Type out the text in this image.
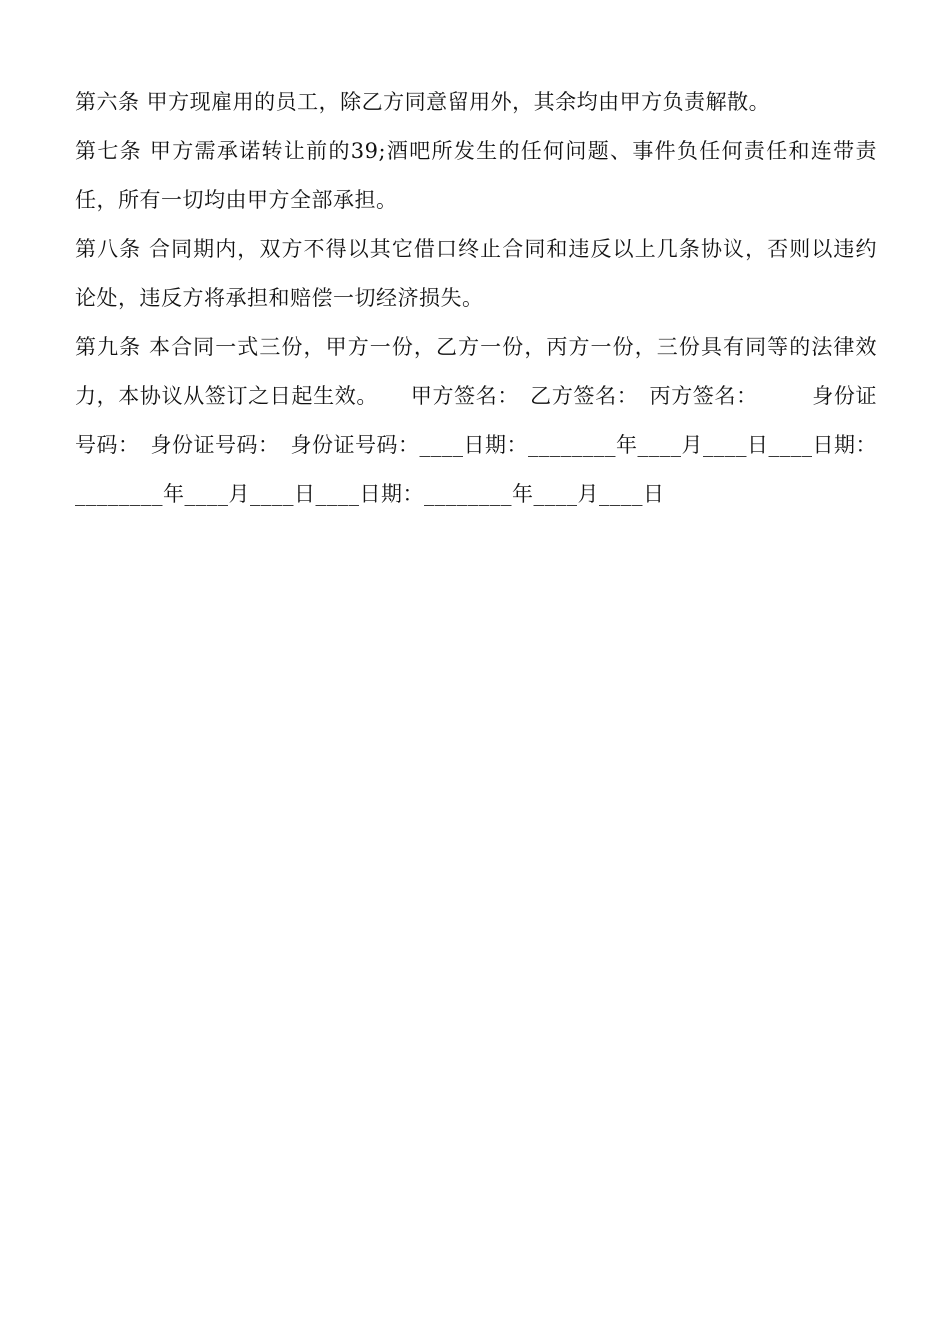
第六条 甲方现雇用的员工，除乙方同意留用外，其余均由甲方负责解散。

第七条 甲方需承诺转让前的39;酒吧所发生的任何问题、事件负任何责任和连带责任，所有一切均由甲方全部承担。

第八条 合同期内，双方不得以其它借口终止合同和违反以上几条协议，否则以违约论处，违反方将承担和赔偿一切经济损失。

第九条 本合同一式三份，甲方一份，乙方一份，丙方一份，三份具有同等的法律效力，本协议从签订之日起生效。　　甲方签名：　乙方签名：　丙方签名：　　　身份证号码：　身份证号码：　身份证号码：____日期：________年____月____日____日期：________年____月____日____日期：________年____月____日
